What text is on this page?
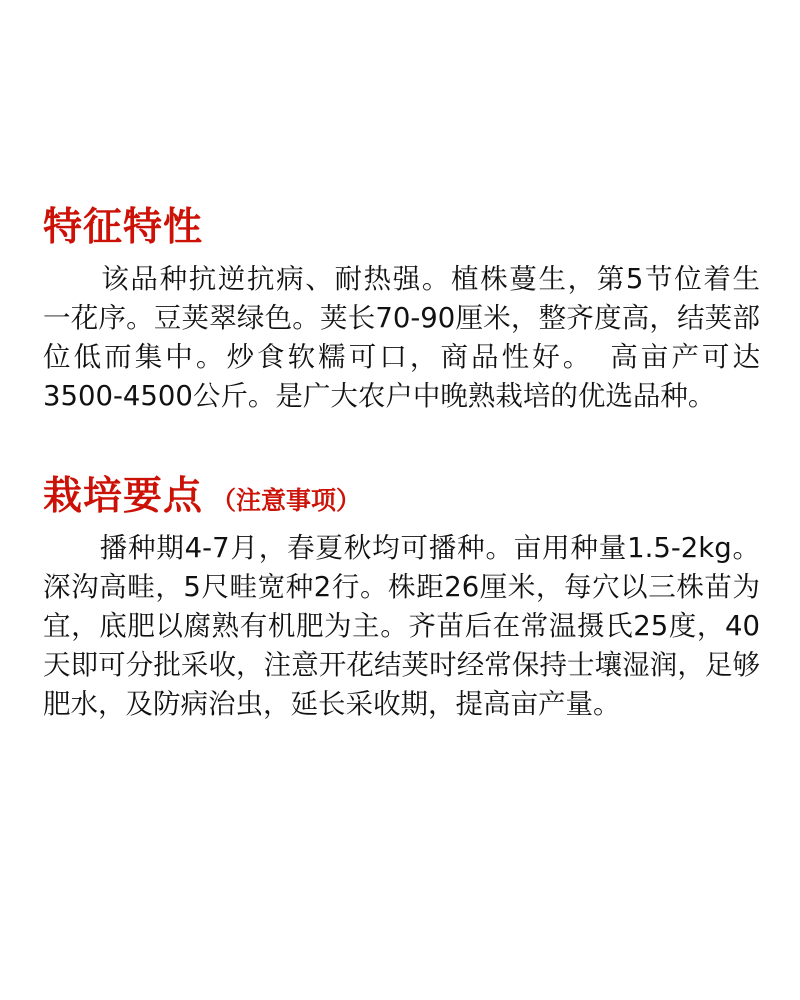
特征特性

　　该品种抗逆抗病、耐热强。植株蔓生，第5节位着生　一花序。豆荚翠绿色。荚长70-90厘米，整齐度高，结荚部位低而集中。炒食软糯可口，商品性好。　高亩产可达3500-4500公斤。是广大农户中晚熟栽培的优选品种。

栽培要点 （注意事项）

　　播种期4-7月，春夏秋均可播种。亩用种量1.5-2kg。深沟高畦，5尺畦宽种2行。株距26厘米，每穴以三株苗为宜，底肥以腐熟有机肥为主。齐苗后在常温摄氏25度，40天即可分批采收，注意开花结荚时经常保持士壤湿润，足够肥水，及防病治虫，延长采收期，提高亩产量。
